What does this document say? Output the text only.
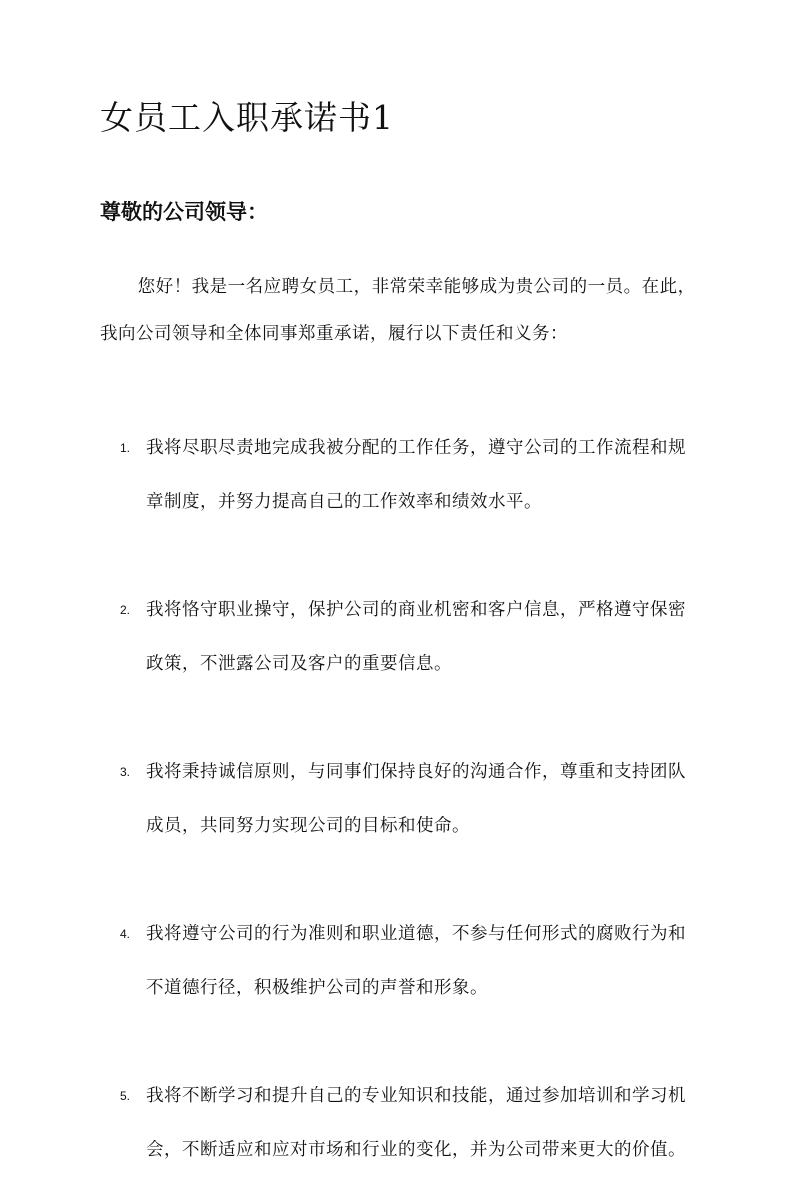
女员工入职承诺书1

尊敬的公司领导：

您好！我是一名应聘女员工，非常荣幸能够成为贵公司的一员。在此，我向公司领导和全体同事郑重承诺，履行以下责任和义务：

1. 我将尽职尽责地完成我被分配的工作任务，遵守公司的工作流程和规章制度，并努力提高自己的工作效率和绩效水平。
2. 我将恪守职业操守，保护公司的商业机密和客户信息，严格遵守保密政策，不泄露公司及客户的重要信息。
3. 我将秉持诚信原则，与同事们保持良好的沟通合作，尊重和支持团队成员，共同努力实现公司的目标和使命。
4. 我将遵守公司的行为准则和职业道德，不参与任何形式的腐败行为和不道德行径，积极维护公司的声誉和形象。
5. 我将不断学习和提升自己的专业知识和技能，通过参加培训和学习机会，不断适应和应对市场和行业的变化，并为公司带来更大的价值。
